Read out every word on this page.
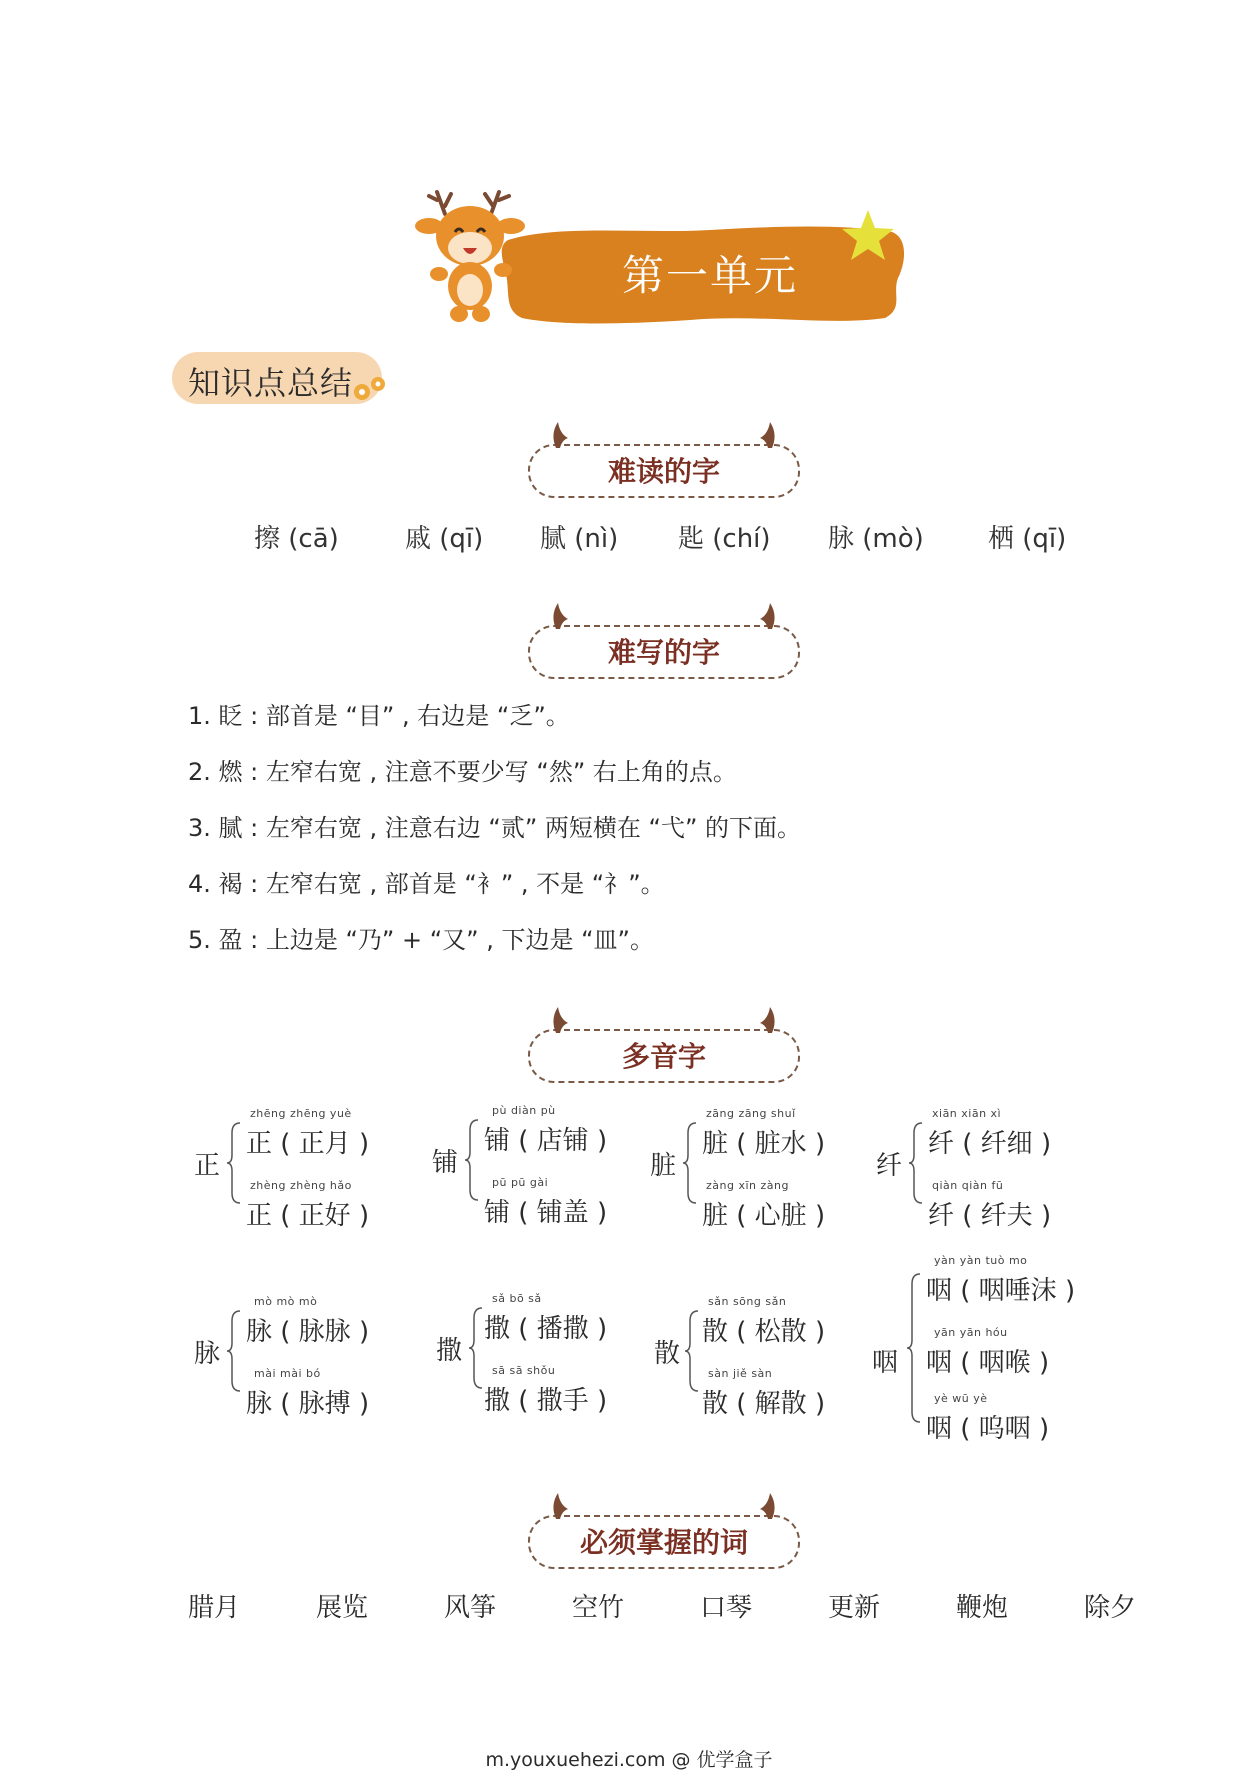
第一单元
知识点总结
难读的字
擦 (cā)	戚 (qī) 腻 (nì) 匙 (chí) 脉 (mò) 栖 (qī)
难写的字
1. 眨 : 部首是 “目” , 右边是 “乏”。
2. 燃 : 左窄右宽 , 注意不要少写 “然” 右上角的点。
3. 腻 : 左窄右宽 , 注意右边 “贰” 两短横在 “弋” 的下面。
4. 褐 : 左窄右宽 , 部首是 “衤” , 不是 “礻”。
5. 盈 : 上边是 “乃” + “又” , 下边是 “皿”。
多音字
正
zhēng zhēng yuè
正 ( 正月 )
zhèng zhèng hǎo
正 ( 正好 )
铺
pù diàn pù
铺 ( 店铺 )
pū pū gài
铺 ( 铺盖 )
脏
zāng zāng shuǐ
脏 ( 脏水 )
zàng xīn zàng
脏 ( 心脏 )
纤
xiān xiān xì
纤 ( 纤细 )
qiàn qiàn fū
纤 ( 纤夫 )
脉
mò mò mò
脉 ( 脉脉 )
mài mài bó
脉 ( 脉搏 )
撒
sǎ bō sǎ
撒 ( 播撒 )
sā sā shǒu
撒 ( 撒手 )
散
sǎn sōng sǎn
散 ( 松散 )
sàn jiě sàn
散 ( 解散 )
咽
yàn yàn tuò mo
咽 ( 咽唾沫 )
yān yān hóu
咽 ( 咽喉 )
yè wū yè
咽 ( 呜咽 )
必须掌握的词
腊月	展览	风筝	空竹	口琴	更新	鞭炮	除夕
m.youxuehezi.com @ 优学盒子
